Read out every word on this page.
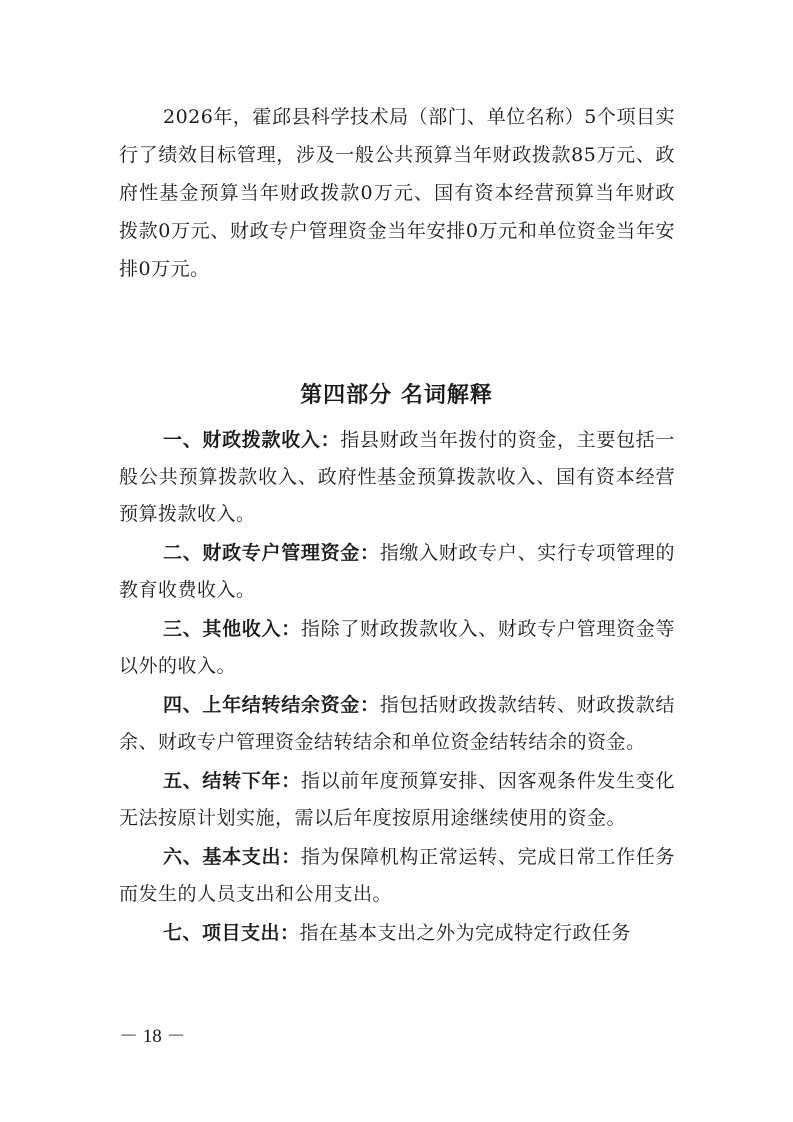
2026年，霍邱县科学技术局（部门、单位名称）5个项目实行了绩效目标管理，涉及一般公共预算当年财政拨款85万元、政府性基金预算当年财政拨款0万元、国有资本经营预算当年财政拨款0万元、财政专户管理资金当年安排0万元和单位资金当年安排0万元。

第四部分 名词解释

一、财政拨款收入：指县财政当年拨付的资金，主要包括一般公共预算拨款收入、政府性基金预算拨款收入、国有资本经营预算拨款收入。

二、财政专户管理资金：指缴入财政专户、实行专项管理的教育收费收入。

三、其他收入：指除了财政拨款收入、财政专户管理资金等以外的收入。

四、上年结转结余资金：指包括财政拨款结转、财政拨款结余、财政专户管理资金结转结余和单位资金结转结余的资金。

五、结转下年：指以前年度预算安排、因客观条件发生变化无法按原计划实施，需以后年度按原用途继续使用的资金。

六、基本支出：指为保障机构正常运转、完成日常工作任务而发生的人员支出和公用支出。

七、项目支出：指在基本支出之外为完成特定行政任务

－ 18 －
